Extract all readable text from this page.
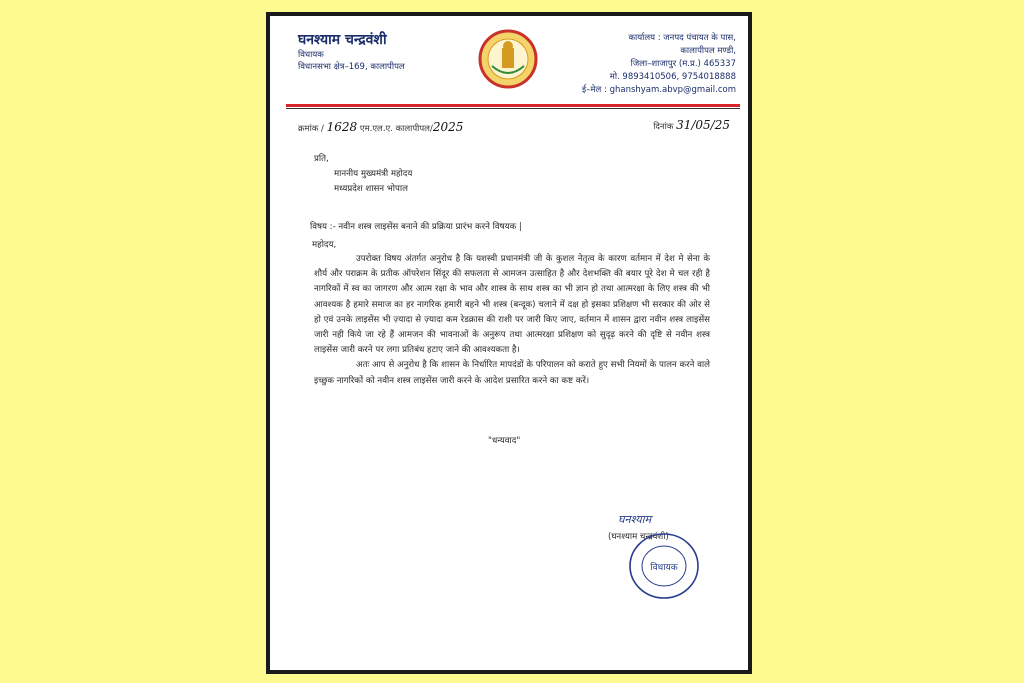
घनश्याम चन्द्रवंशी
विधायक
विधानसभा क्षेत्र–169, कालापीपल
कार्यालय : जनपद पंचायत के पास,
कालापीपल मण्डी,
जिला–शाजापुर (म.प्र.) 465337
मो. 9893410506, 9754018888
ई–मेल : ghanshyam.abvp@gmail.com
क्रमांक / 1628 एम.एल.ए. कालापीपल/2025	दिनांक 31/05/25
प्रति,
माननीय मुख्यमंत्री महोदय
मध्यप्रदेश शासन भोपाल
विषय :- नवीन शस्त्र लाइसेंस बनाने की प्रक्रिया प्रारंभ करने विषयक |
महोदय,

उपरोक्त विषय अंतर्गत अनुरोध है कि यशस्वी प्रधानमंत्री जी के कुशल नेतृत्व के कारण वर्तमान में देश मे सेना के शौर्य और पराक्रम के प्रतीक ऑपरेशन सिंदूर की सफलता से आमजन उत्साहित है और देशभक्ति की बयार पूरे देश मे चल रही है नागरिकों में स्व का जागरण और आत्म रक्षा के भाव और शास्त्र के साथ शस्त्र का भी ज्ञान हो तथा आत्मरक्षा के लिए शस्त्र की भी आवश्यक है हमारे समाज का हर नागरिक हमारी बहने भी शस्त्र (बन्दूक) चलाने में दक्ष हो इसका प्रशिक्षण भी सरकार की ओर से हो एवं उनके लाइसेंस भी ज़्यादा से ज़्यादा कम रेडक्रास की राशी पर जारी किए जाए, वर्तमान में शासन द्वारा नवीन शस्त्र लाइसेंस जारी नही किये जा रहे हैं आमजन की भावनाओं के अनुरूप तथा आत्मरक्षा प्रशिक्षण को सुदृढ़ करने की दृष्टि से नवीन शस्त्र लाइसेंस जारी करने पर लगा प्रतिबंध हटाए जाने की आवश्यकता है।

अतः आप से अनुरोध है कि शासन के निर्धारित मापदंडों के परिपालन को कराते हुए सभी नियमों के पालन करने वाले इच्छुक नागरिकों को नवीन शस्त्र लाइसेंस जारी करने के आदेश प्रसारित करने का कष्ट करें।

"धन्यवाद"
घनश्याम
(घनश्याम चन्द्रवंशी)
विधायक
